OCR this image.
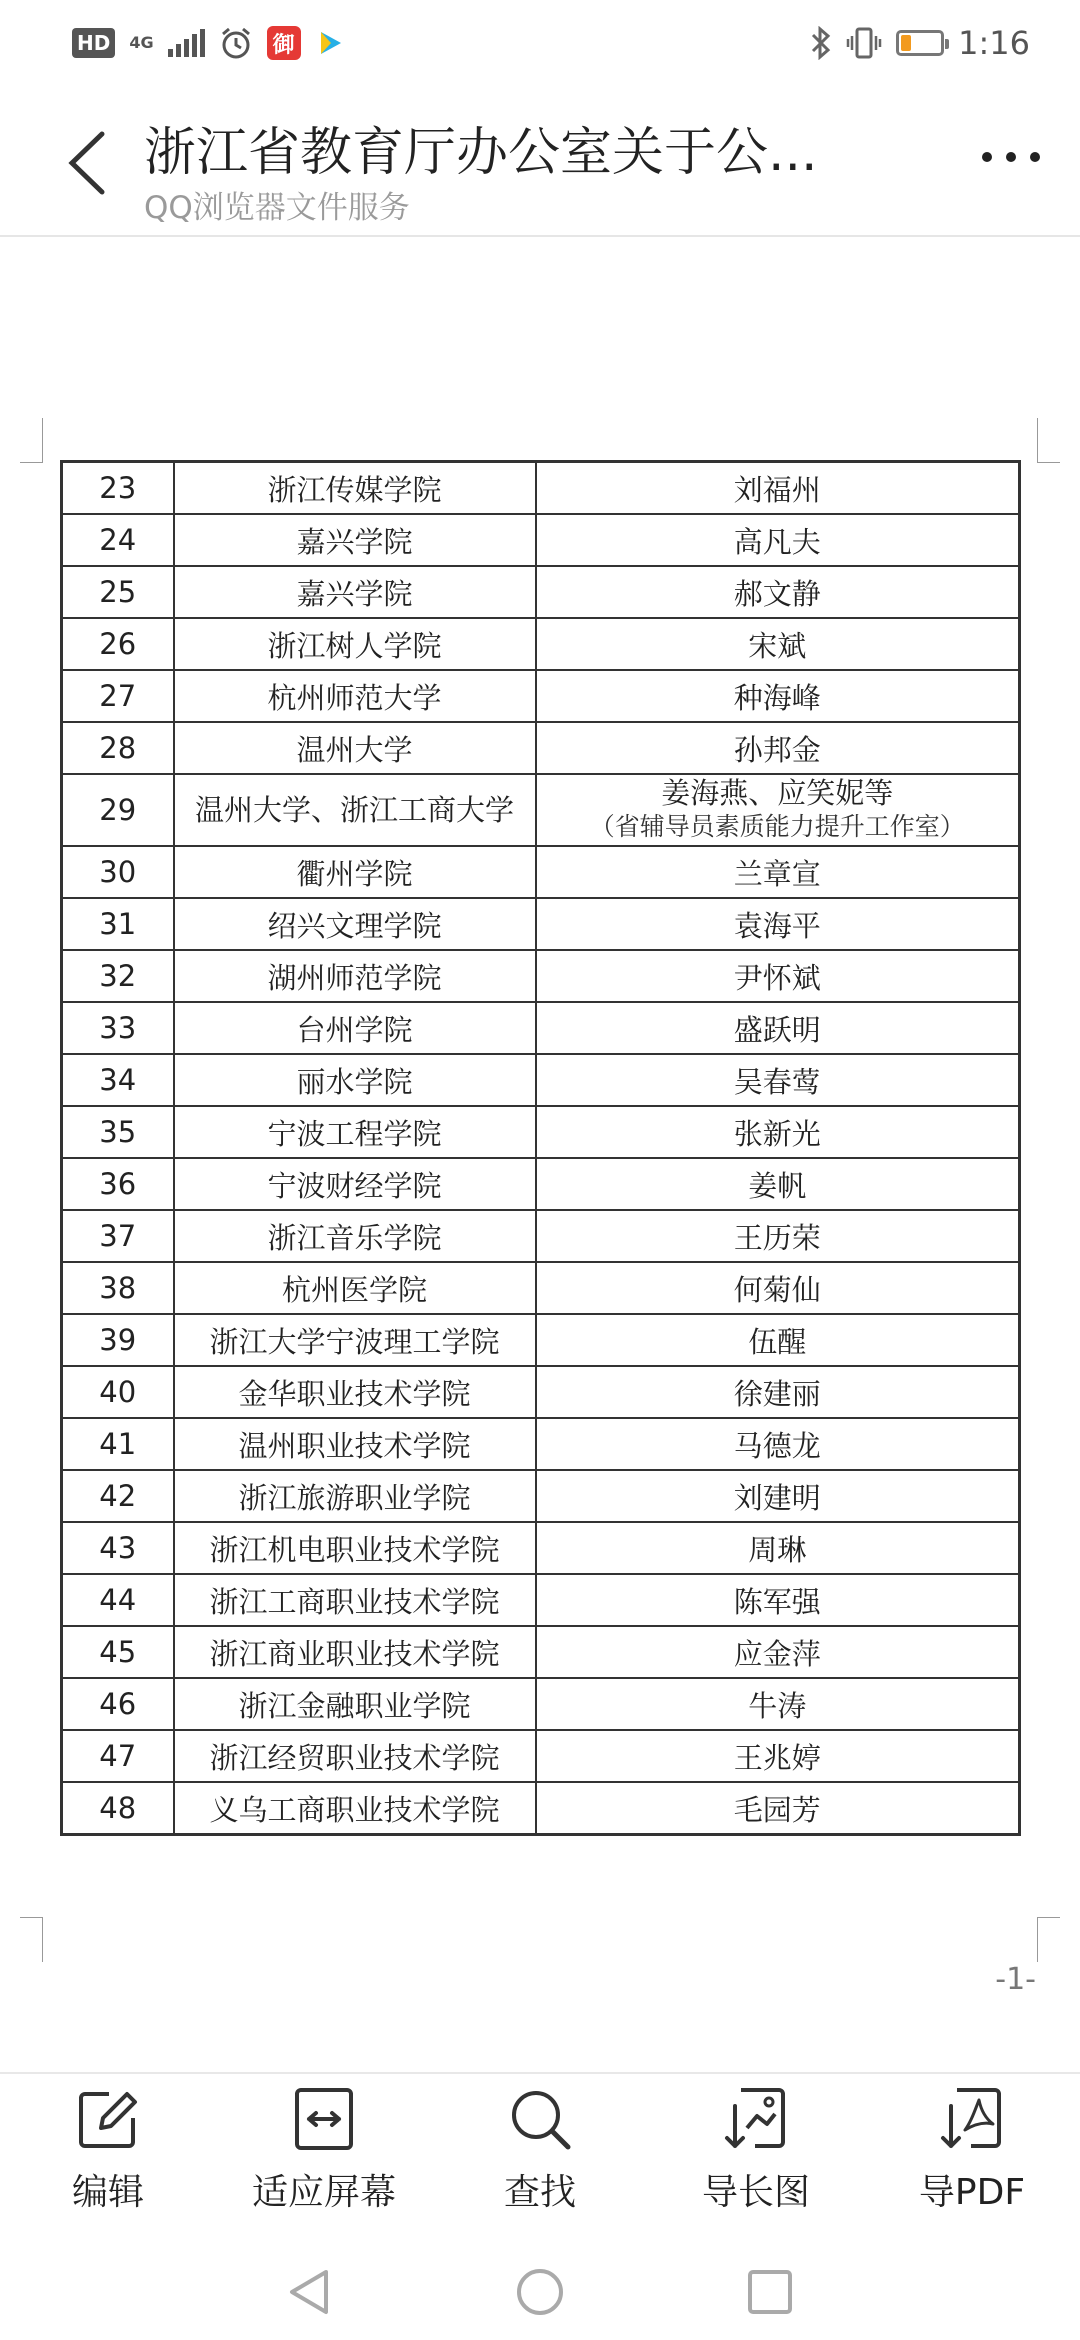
HD	4G	御	1:16
浙江省教育厅办公室关于公...
QQ浏览器文件服务
23	浙江传媒学院	刘福州
24	嘉兴学院	高凡夫
25	嘉兴学院	郝文静
26	浙江树人学院	宋斌
27	杭州师范大学	种海峰
28	温州大学	孙邦金
29	温州大学、浙江工商大学	姜海燕、应笑妮等
（省辅导员素质能力提升工作室）

30	衢州学院	兰章宣
31	绍兴文理学院	袁海平
32	湖州师范学院	尹怀斌
33	台州学院	盛跃明
34	丽水学院	吴春莺
35	宁波工程学院	张新光
36	宁波财经学院	姜帆
37	浙江音乐学院	王历荣
38	杭州医学院	何菊仙
39	浙江大学宁波理工学院	伍醒
40	金华职业技术学院	徐建丽
41	温州职业技术学院	马德龙
42	浙江旅游职业学院	刘建明
43	浙江机电职业技术学院	周琳
44	浙江工商职业技术学院	陈军强
45	浙江商业职业技术学院	应金萍
46	浙江金融职业学院	牛涛
47	浙江经贸职业技术学院	王兆婷
48	义乌工商职业技术学院	毛园芳
-1-
编辑	适应屏幕	查找	导长图	导PDF
